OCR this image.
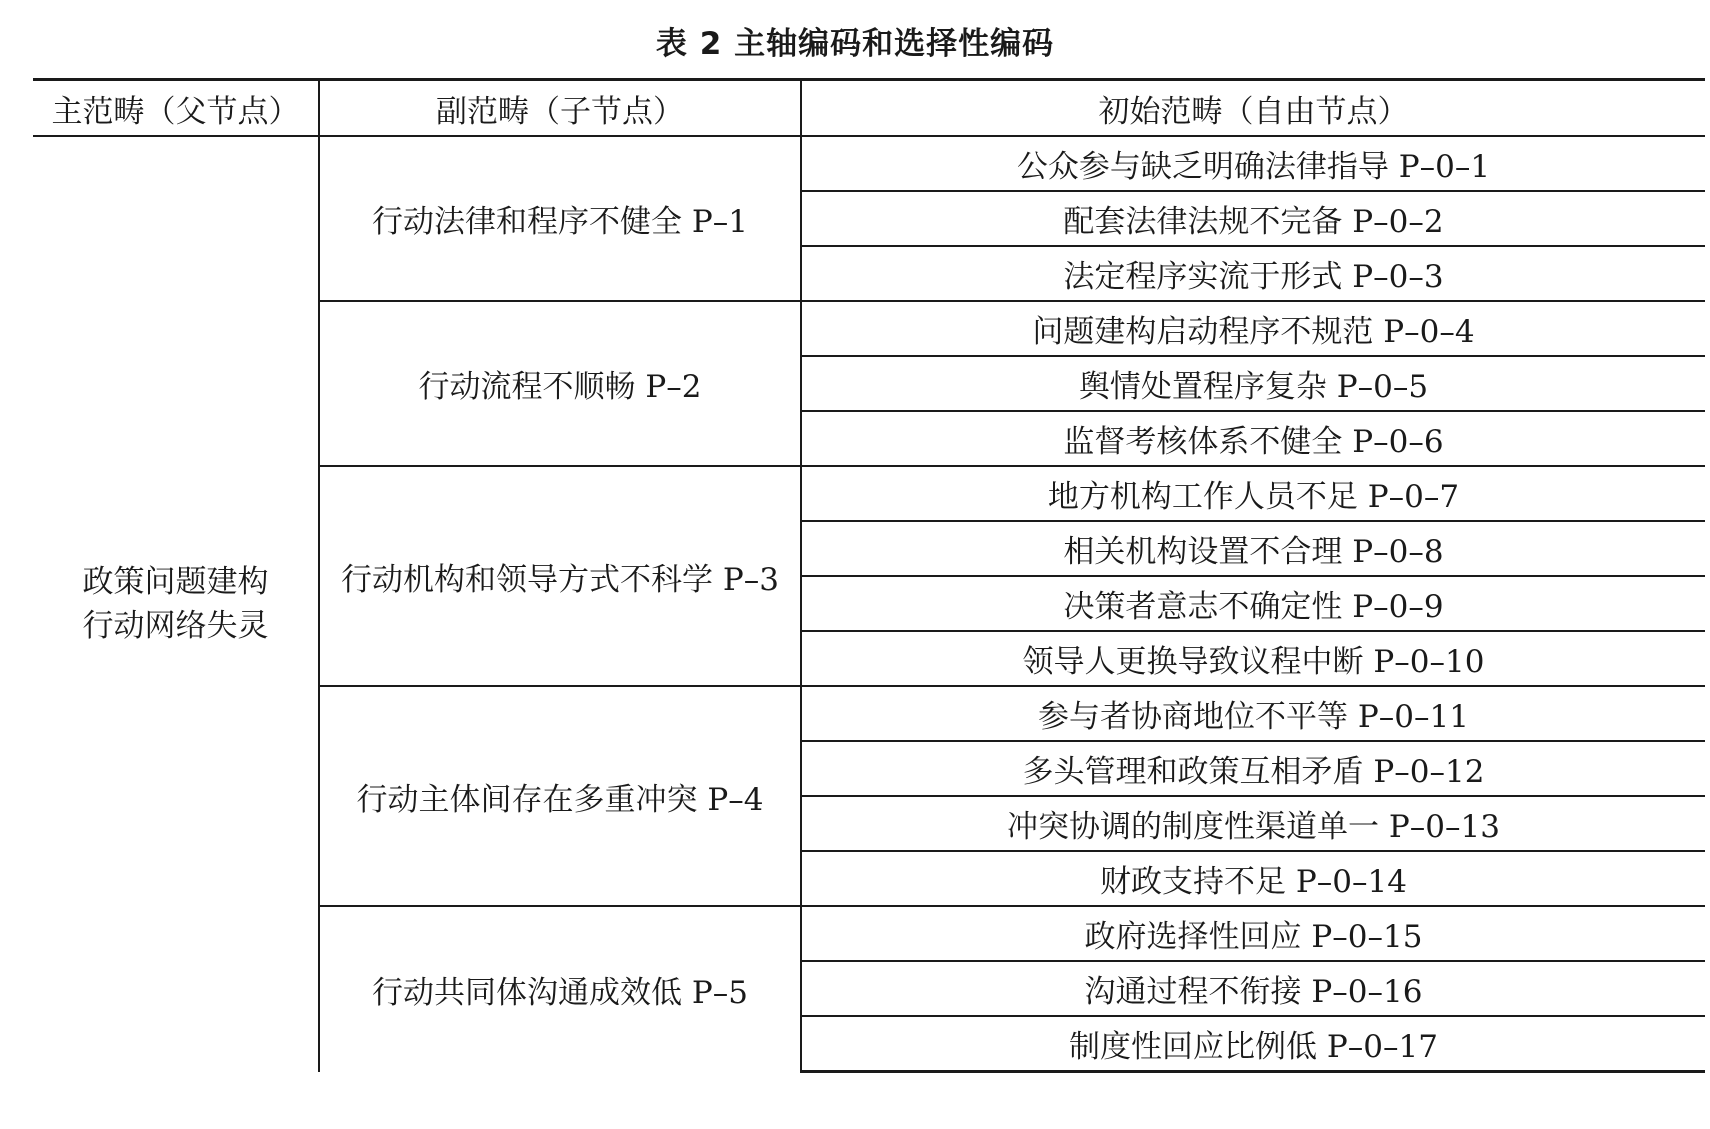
表 2 主轴编码和选择性编码
主范畴（父节点）	副范畴（子节点）	初始范畴（自由节点）

政策问题建构
行动网络失灵	行动法律和程序不健全 P–1	公众参与缺乏明确法律指导 P–0–1
		配套法律法规不完备 P–0–2
		法定程序实流于形式 P–0–3
	行动流程不顺畅 P–2	问题建构启动程序不规范 P–0–4
		舆情处置程序复杂 P–0–5
		监督考核体系不健全 P–0–6
	行动机构和领导方式不科学 P–3	地方机构工作人员不足 P–0–7
		相关机构设置不合理 P–0–8
		决策者意志不确定性 P–0–9
		领导人更换导致议程中断 P–0–10
	行动主体间存在多重冲突 P–4	参与者协商地位不平等 P–0–11
		多头管理和政策互相矛盾 P–0–12
		冲突协调的制度性渠道单一 P–0–13
		财政支持不足 P–0–14
	行动共同体沟通成效低 P–5	政府选择性回应 P–0–15
		沟通过程不衔接 P–0–16
		制度性回应比例低 P–0–17
